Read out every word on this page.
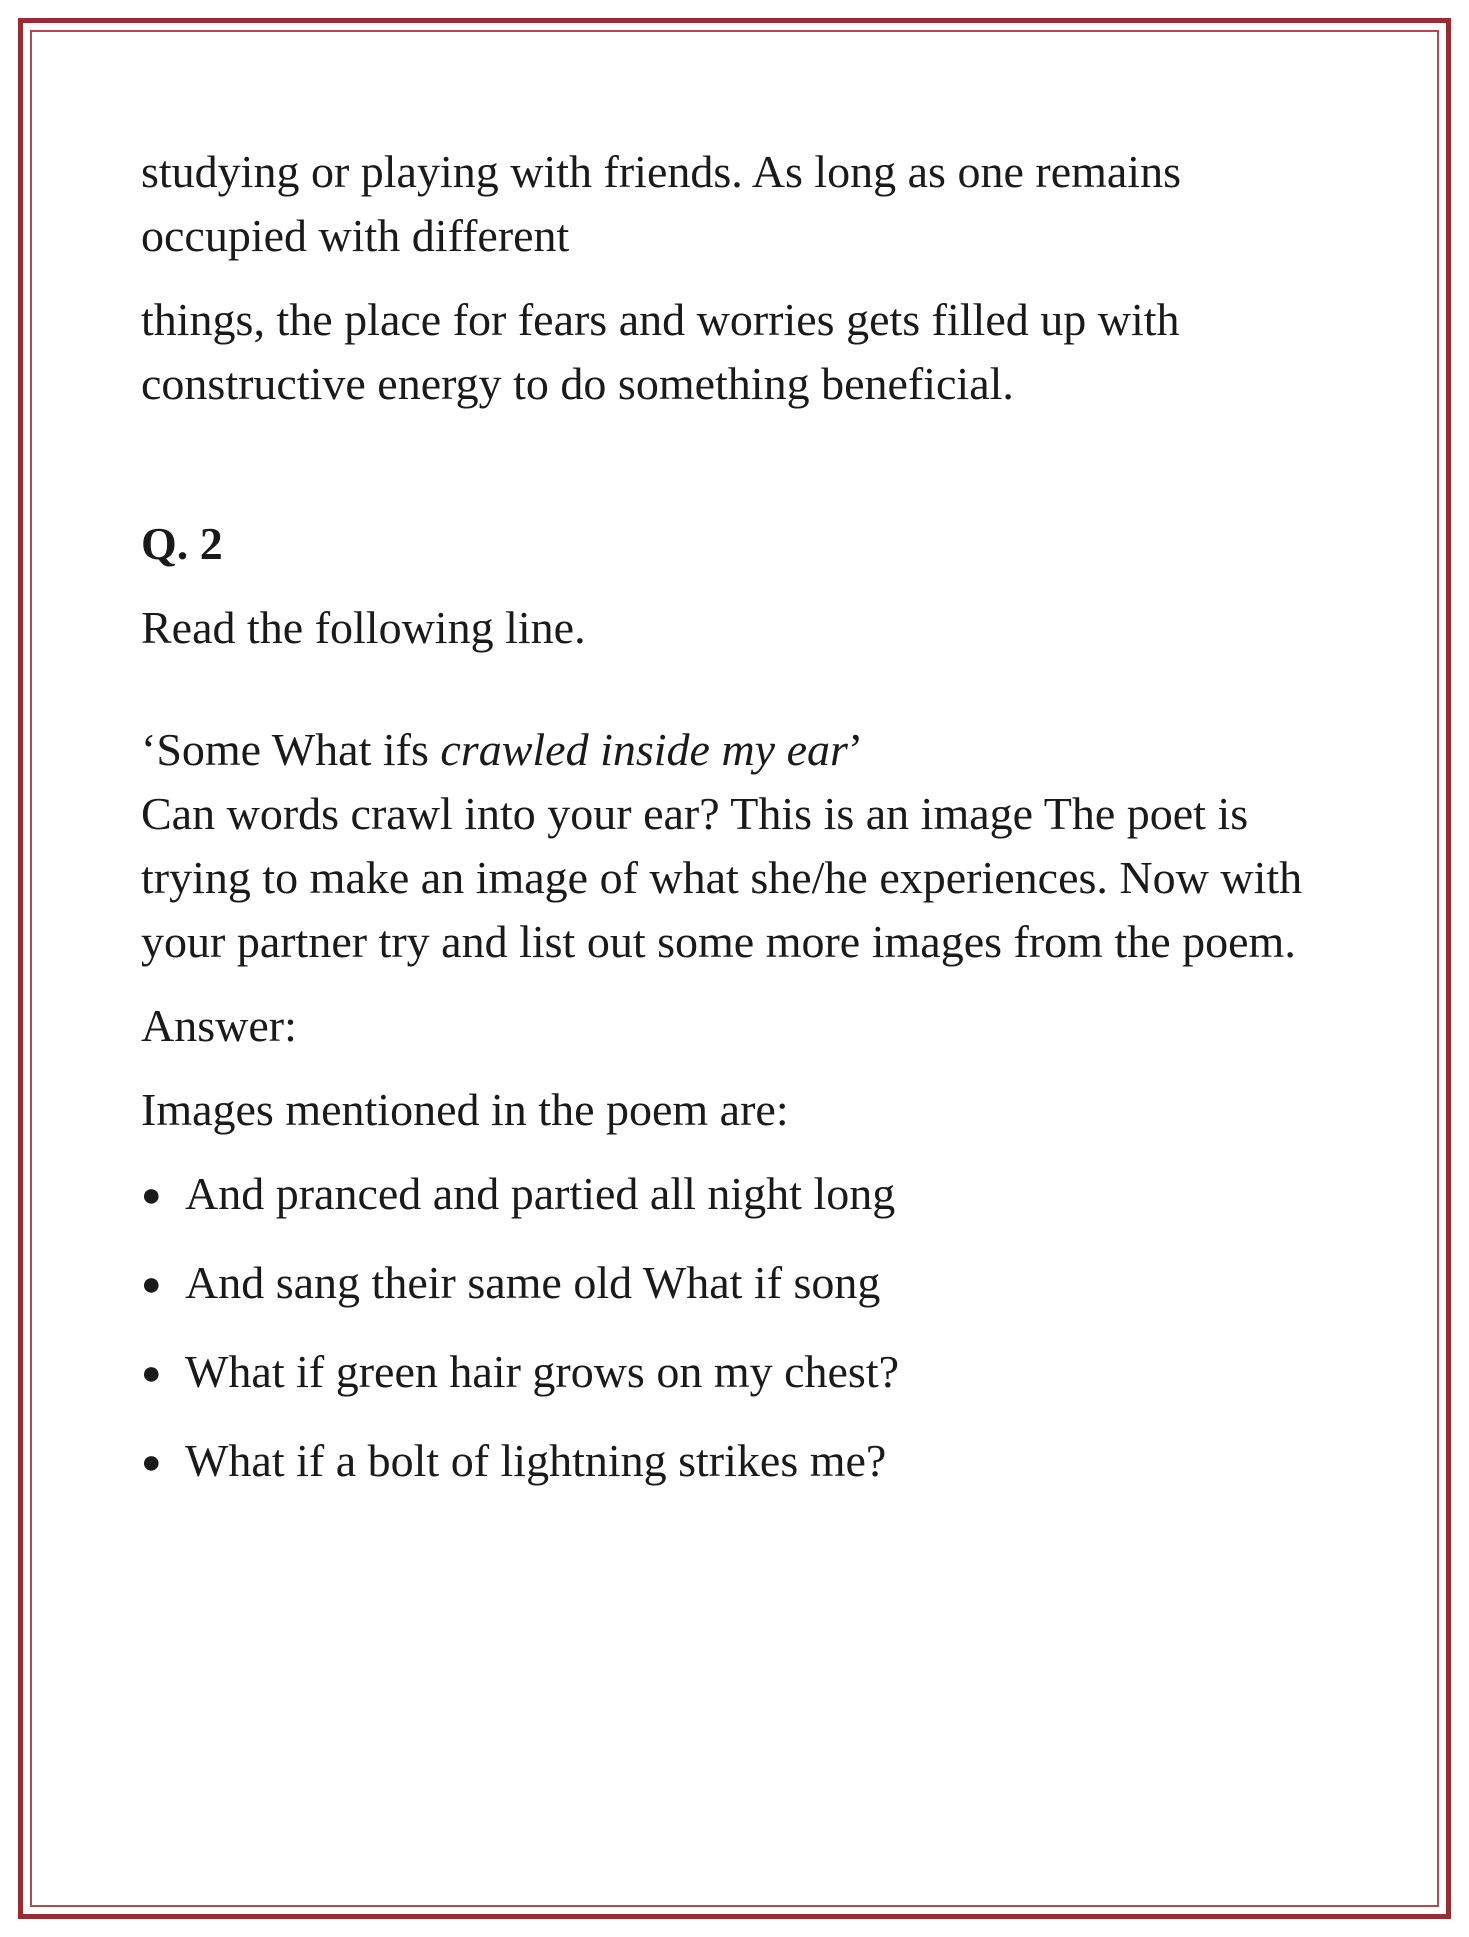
studying or playing with friends. As long as one remains
occupied with different

things, the place for fears and worries gets filled up with constructive energy to do something beneficial.

Q. 2

Read the following line.

‘Some What ifs crawled inside my ear’
Can words crawl into your ear? This is an image The poet is trying to make an image of what she/he experiences. Now with your partner try and list out some more images from the poem.

Answer:

Images mentioned in the poem are:

●
And pranced and partied all night long
●
And sang their same old What if song
●
What if green hair grows on my chest?
●
What if a bolt of lightning strikes me?
